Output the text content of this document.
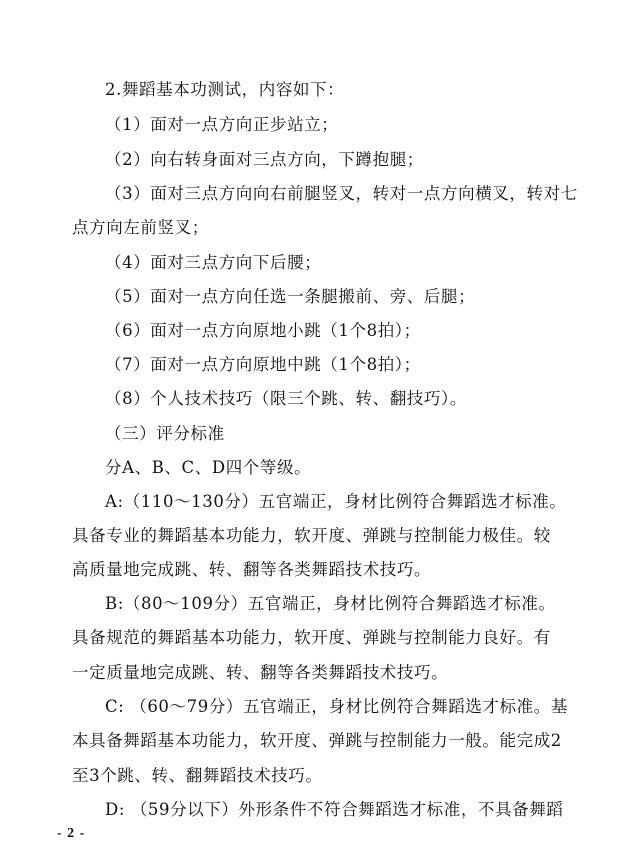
2.舞蹈基本功测试，内容如下：
（1）面对一点方向正步站立；
（2）向右转身面对三点方向，下蹲抱腿；
（3）面对三点方向向右前腿竖叉，转对一点方向横叉，转对七
点方向左前竖叉；
（4）面对三点方向下后腰；
（5）面对一点方向任选一条腿搬前、旁、后腿；
（6）面对一点方向原地小跳（1个8拍）；
（7）面对一点方向原地中跳（1个8拍）；
（8）个人技术技巧（限三个跳、转、翻技巧）。
（三）评分标准
分A、B、C、D四个等级。
A:（110～130分）五官端正，身材比例符合舞蹈选才标准。
具备专业的舞蹈基本功能力，软开度、弹跳与控制能力极佳。较
高质量地完成跳、转、翻等各类舞蹈技术技巧。
B:（80～109分）五官端正，身材比例符合舞蹈选才标准。
具备规范的舞蹈基本功能力，软开度、弹跳与控制能力良好。有
一定质量地完成跳、转、翻等各类舞蹈技术技巧。
C: （60～79分）五官端正，身材比例符合舞蹈选才标准。基
本具备舞蹈基本功能力，软开度、弹跳与控制能力一般。能完成2
至3个跳、转、翻舞蹈技术技巧。
D: （59分以下）外形条件不符合舞蹈选才标准，不具备舞蹈
- 2 -
